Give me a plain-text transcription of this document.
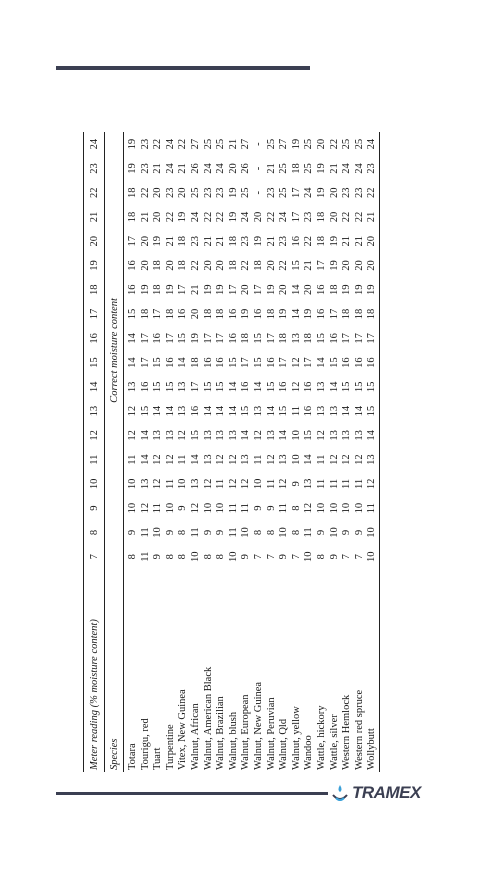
Meter reading (% moisture content)	7	8	9	10	11	12	13	14	15	16	17	18	19	20	21	22	23	24
Species	Correct moisture content																	
Totara	8	9	10	10	11	12	12	13	14	14	15	16	16	17	18	18	19	19
Tourigu, red	11	11	12	13	14	14	15	16	17	17	18	19	20	20	21	22	23	23
Tuart	9	10	11	12	12	13	14	15	15	16	17	18	18	19	20	20	21	22
Turpentine	8	9	10	11	12	13	14	15	16	17	18	19	20	21	22	23	24	24
Vitex, New Guinea	8	8	9	10	11	12	13	13	14	15	16	17	18	18	19	20	21	22
Walnut, African	10	11	12	13	14	15	16	17	18	19	20	21	22	23	24	25	26	27
Walnut, American Black	8	9	10	12	13	13	14	15	16	17	18	19	20	21	22	23	24	25
Walnut, Brazilian	8	9	10	11	12	13	14	15	16	17	18	19	20	21	22	23	24	25
Walnut, blush	10	11	11	12	12	13	14	14	15	16	16	17	18	18	19	19	20	21
Walnut, European	9	10	11	12	13	14	15	16	17	18	19	20	22	23	24	25	26	27
Walnut, New Guinea	7	8	9	10	11	12	13	14	15	15	16	17	18	19	20	-	-	-
Walnut, Peruvian	7	8	9	11	12	13	14	15	16	17	18	19	20	21	22	23	21	25
Walnut, Qld	9	10	11	12	13	14	15	16	17	18	19	20	22	23	24	25	25	27
Walnut, yellow	7	8	8	9	10	10	11	12	12	13	14	14	15	16	17	17	18	19
Wandoo	10	11	12	13	14	15	16	16	17	18	19	20	21	22	23	24	25	25
Wattle, hickory	8	9	10	11	11	12	13	13	14	15	16	16	17	18	18	19	19	20
Wattle, silver	9	10	10	11	12	13	13	14	15	16	17	18	19	19	20	20	21	22
Western Hemlock	7	9	10	11	12	13	14	15	16	17	18	19	20	21	22	23	24	25
Western red spruce	7	9	10	11	12	13	14	15	16	17	18	19	20	21	22	23	24	25
Wollybutt	10	10	11	12	13	14	15	15	16	17	18	19	20	20	21	22	23	24
TRAMEX
